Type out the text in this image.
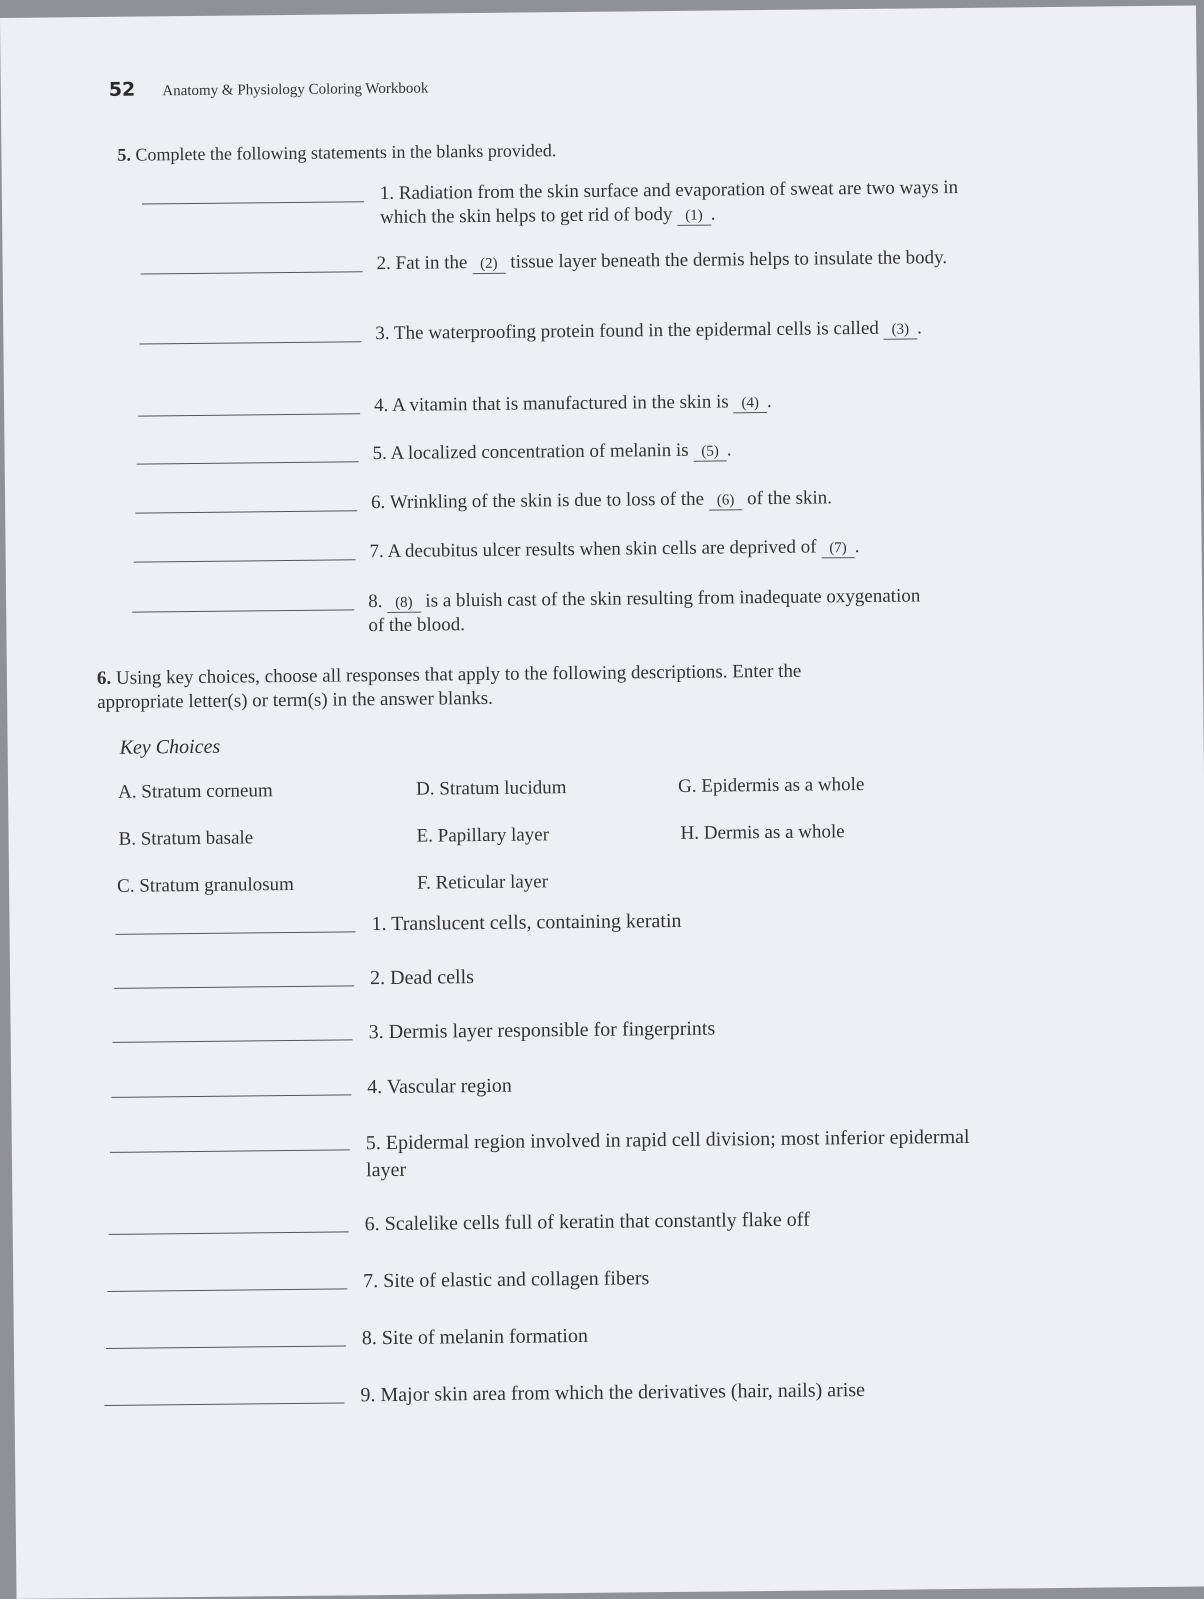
52 Anatomy & Physiology Coloring Workbook
5. Complete the following statements in the blanks provided.
1. Radiation from the skin surface and evaporation of sweat are two ways in which the skin helps to get rid of body (1) .
2. Fat in the (2) tissue layer beneath the dermis helps to insulate the body.
3. The waterproofing protein found in the epidermal cells is called (3) .
4. A vitamin that is manufactured in the skin is (4) .
5. A localized concentration of melanin is (5) .
6. Wrinkling of the skin is due to loss of the (6) of the skin.
7. A decubitus ulcer results when skin cells are deprived of (7) .
8. (8) is a bluish cast of the skin resulting from inadequate oxygenation of the blood.
6. Using key choices, choose all responses that apply to the following descriptions. Enter the appropriate letter(s) or term(s) in the answer blanks.
Key Choices
A. Stratum corneum	D. Stratum lucidum	G. Epidermis as a whole
B. Stratum basale	E. Papillary layer	H. Dermis as a whole
C. Stratum granulosum	F. Reticular layer
1. Translucent cells, containing keratin
2. Dead cells
3. Dermis layer responsible for fingerprints
4. Vascular region
5. Epidermal region involved in rapid cell division; most inferior epidermal layer
6. Scalelike cells full of keratin that constantly flake off
7. Site of elastic and collagen fibers
8. Site of melanin formation
9. Major skin area from which the derivatives (hair, nails) arise
